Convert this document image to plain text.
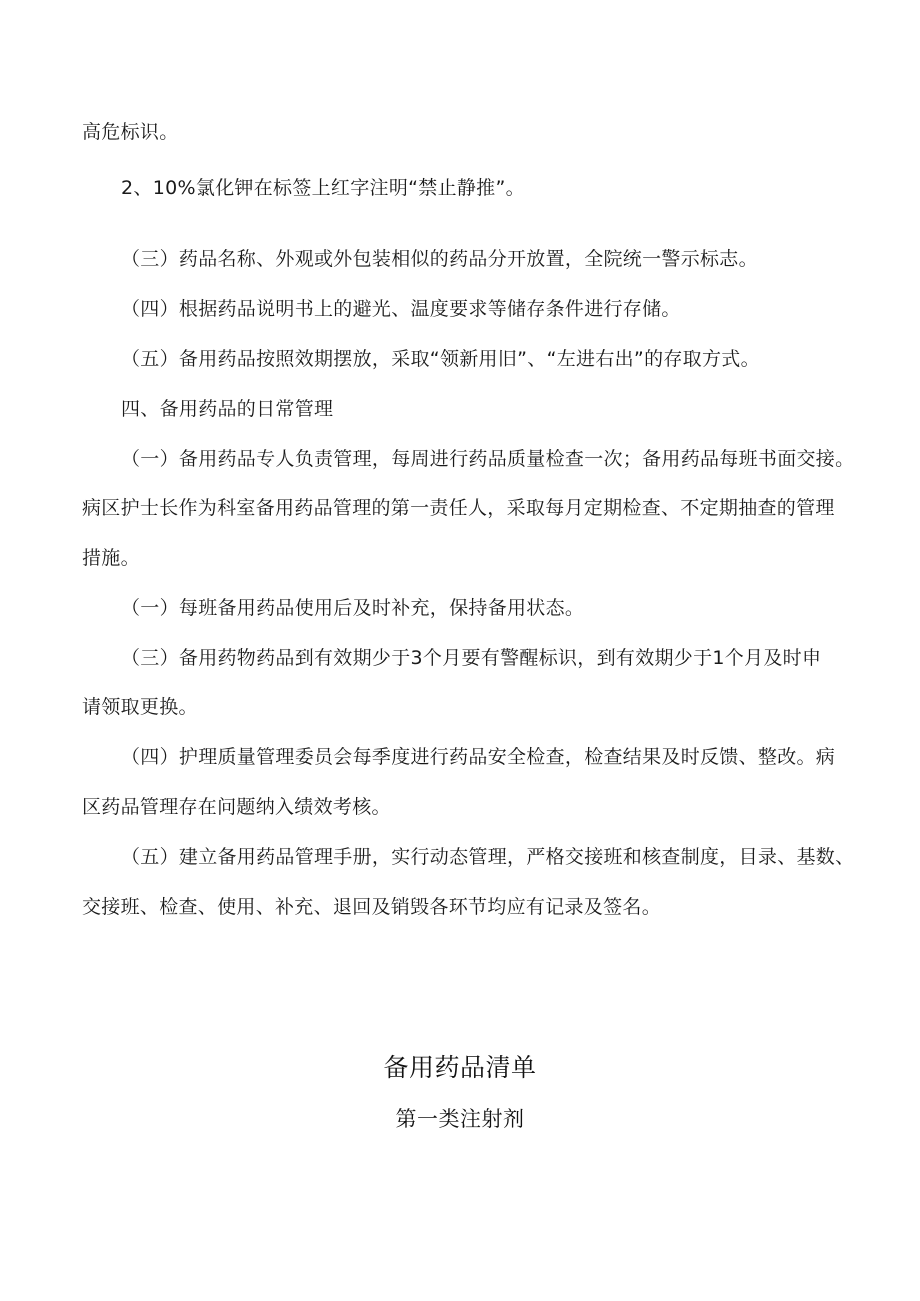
高危标识。
2、10%氯化钾在标签上红字注明“禁止静推”。
（三）药品名称、外观或外包装相似的药品分开放置，全院统一警示标志。
（四）根据药品说明书上的避光、温度要求等储存条件进行存储。
（五）备用药品按照效期摆放，采取“领新用旧”、“左进右出”的存取方式。
四、备用药品的日常管理
（一）备用药品专人负责管理，每周进行药品质量检查一次；备用药品每班书面交接。
病区护士长作为科室备用药品管理的第一责任人，采取每月定期检查、不定期抽查的管理
措施。
（一）每班备用药品使用后及时补充，保持备用状态。
（三）备用药物药品到有效期少于3个月要有警醒标识，到有效期少于1个月及时申
请领取更换。
（四）护理质量管理委员会每季度进行药品安全检查，检查结果及时反馈、整改。病
区药品管理存在问题纳入绩效考核。
（五）建立备用药品管理手册，实行动态管理，严格交接班和核查制度，目录、基数、
交接班、检查、使用、补充、退回及销毁各环节均应有记录及签名。
备用药品清单
第一类注射剂
